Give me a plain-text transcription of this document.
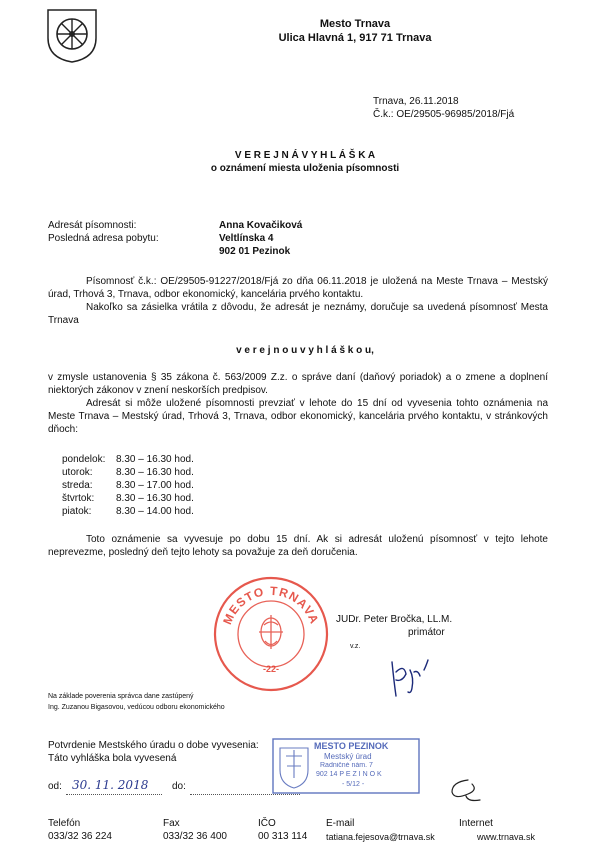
Mesto Trnava
Ulica Hlavná 1, 917 71 Trnava
Trnava, 26.11.2018
Č.k.: OE/29505-96985/2018/Fjá
V E R E J N Á V Y H L Á Š K A
o oznámení miesta uloženia písomnosti
Adresát písomnosti:
Posledná adresa pobytu:
Anna Kovačiková
Veltlínska 4
902 01 Pezinok
Písomnosť č.k.: OE/29505-91227/2018/Fjá zo dňa 06.11.2018 je uložená na Meste Trnava – Mestský úrad, Trhová 3, Trnava, odbor ekonomický, kancelária prvého kontaktu.
Nakoľko sa zásielka vrátila z dôvodu, že adresát je neznámy, doručuje sa uvedená písomnosť Mesta Trnava
v e r e j n o u v y h l á š k o u,
v zmysle ustanovenia § 35 zákona č. 563/2009 Z.z. o správe daní (daňový poriadok) a o zmene a doplnení niektorých zákonov v znení neskorších predpisov.
Adresát si môže uložené písomnosti prevziať v lehote do 15 dní od vyvesenia tohto oznámenia na Meste Trnava – Mestský úrad, Trhová 3, Trnava, odbor ekonomický, kancelária prvého kontaktu, v stránkových dňoch:
pondelok: 8.30 – 16.30 hod.
utorok: 8.30 – 16.30 hod.
streda: 8.30 – 17.00 hod.
štvrtok: 8.30 – 16.30 hod.
piatok: 8.30 – 14.00 hod.
Toto oznámenie sa vyvesuje po dobu 15 dní. Ak si adresát uloženú písomnosť v tejto lehote neprevezme, posledný deň tejto lehoty sa považuje za deň doručenia.
MESTO TRNAVA
-22-
JUDr. Peter Bročka, LL.M.
primátor
v.z.
Na základe poverenia správca dane zastúpený
Ing. Zuzanou Bigasovou, vedúcou odboru ekonomického
Potvrdenie Mestského úradu o dobe vyvesenia:
Táto vyhláška bola vyvesená
od: 30. 11. 2018 do:
MESTO PEZINOK
Mestský úrad
Radničné nám. 7
902 14 P E Z I N O K
- 5/12 -
Telefón
033/32 36 224
Fax
033/32 36 400
IČO
00 313 114
E-mail
tatiana.fejesova@trnava.sk
Internet
www.trnava.sk
